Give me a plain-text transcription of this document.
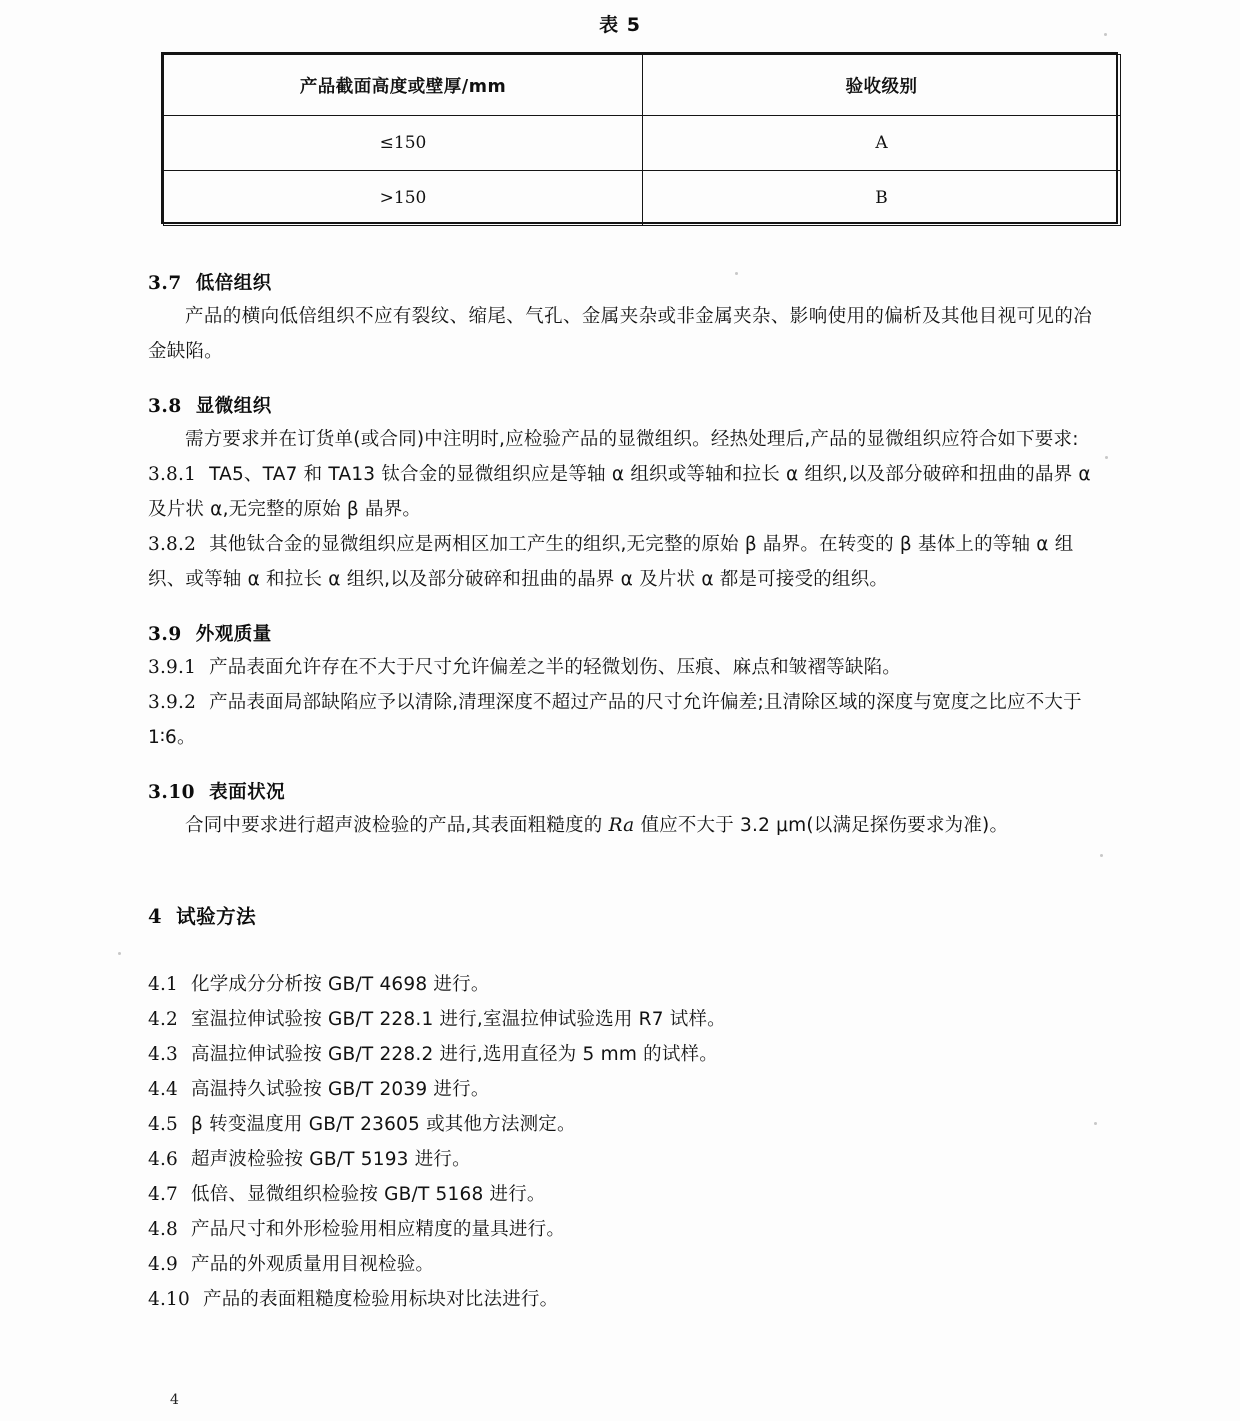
表 5
产品截面高度或壁厚/mm	验收级别
≤150	A
>150	B
3.7 低倍组织

产品的横向低倍组织不应有裂纹、缩尾、气孔、金属夹杂或非金属夹杂、影响使用的偏析及其他目视可见的冶金缺陷。

3.8 显微组织

需方要求并在订货单(或合同)中注明时,应检验产品的显微组织。经热处理后,产品的显微组织应符合如下要求:

3.8.1 TA5、TA7 和 TA13 钛合金的显微组织应是等轴 α 组织或等轴和拉长 α 组织,以及部分破碎和扭曲的晶界 α 及片状 α,无完整的原始 β 晶界。
3.8.2 其他钛合金的显微组织应是两相区加工产生的组织,无完整的原始 β 晶界。在转变的 β 基体上的等轴 α 组织、或等轴 α 和拉长 α 组织,以及部分破碎和扭曲的晶界 α 及片状 α 都是可接受的组织。
3.9 外观质量
3.9.1 产品表面允许存在不大于尺寸允许偏差之半的轻微划伤、压痕、麻点和皱褶等缺陷。
3.9.2 产品表面局部缺陷应予以清除,清理深度不超过产品的尺寸允许偏差;且清除区域的深度与宽度之比应不大于 1∶6。
3.10 表面状况

合同中要求进行超声波检验的产品,其表面粗糙度的 Ra 值应不大于 3.2 μm(以满足探伤要求为准)。

4 试验方法
4.1 化学成分分析按 GB/T 4698 进行。
4.2 室温拉伸试验按 GB/T 228.1 进行,室温拉伸试验选用 R7 试样。
4.3 高温拉伸试验按 GB/T 228.2 进行,选用直径为 5 mm 的试样。
4.4 高温持久试验按 GB/T 2039 进行。
4.5 β 转变温度用 GB/T 23605 或其他方法测定。
4.6 超声波检验按 GB/T 5193 进行。
4.7 低倍、显微组织检验按 GB/T 5168 进行。
4.8 产品尺寸和外形检验用相应精度的量具进行。
4.9 产品的外观质量用目视检验。
4.10 产品的表面粗糙度检验用标块对比法进行。
4
